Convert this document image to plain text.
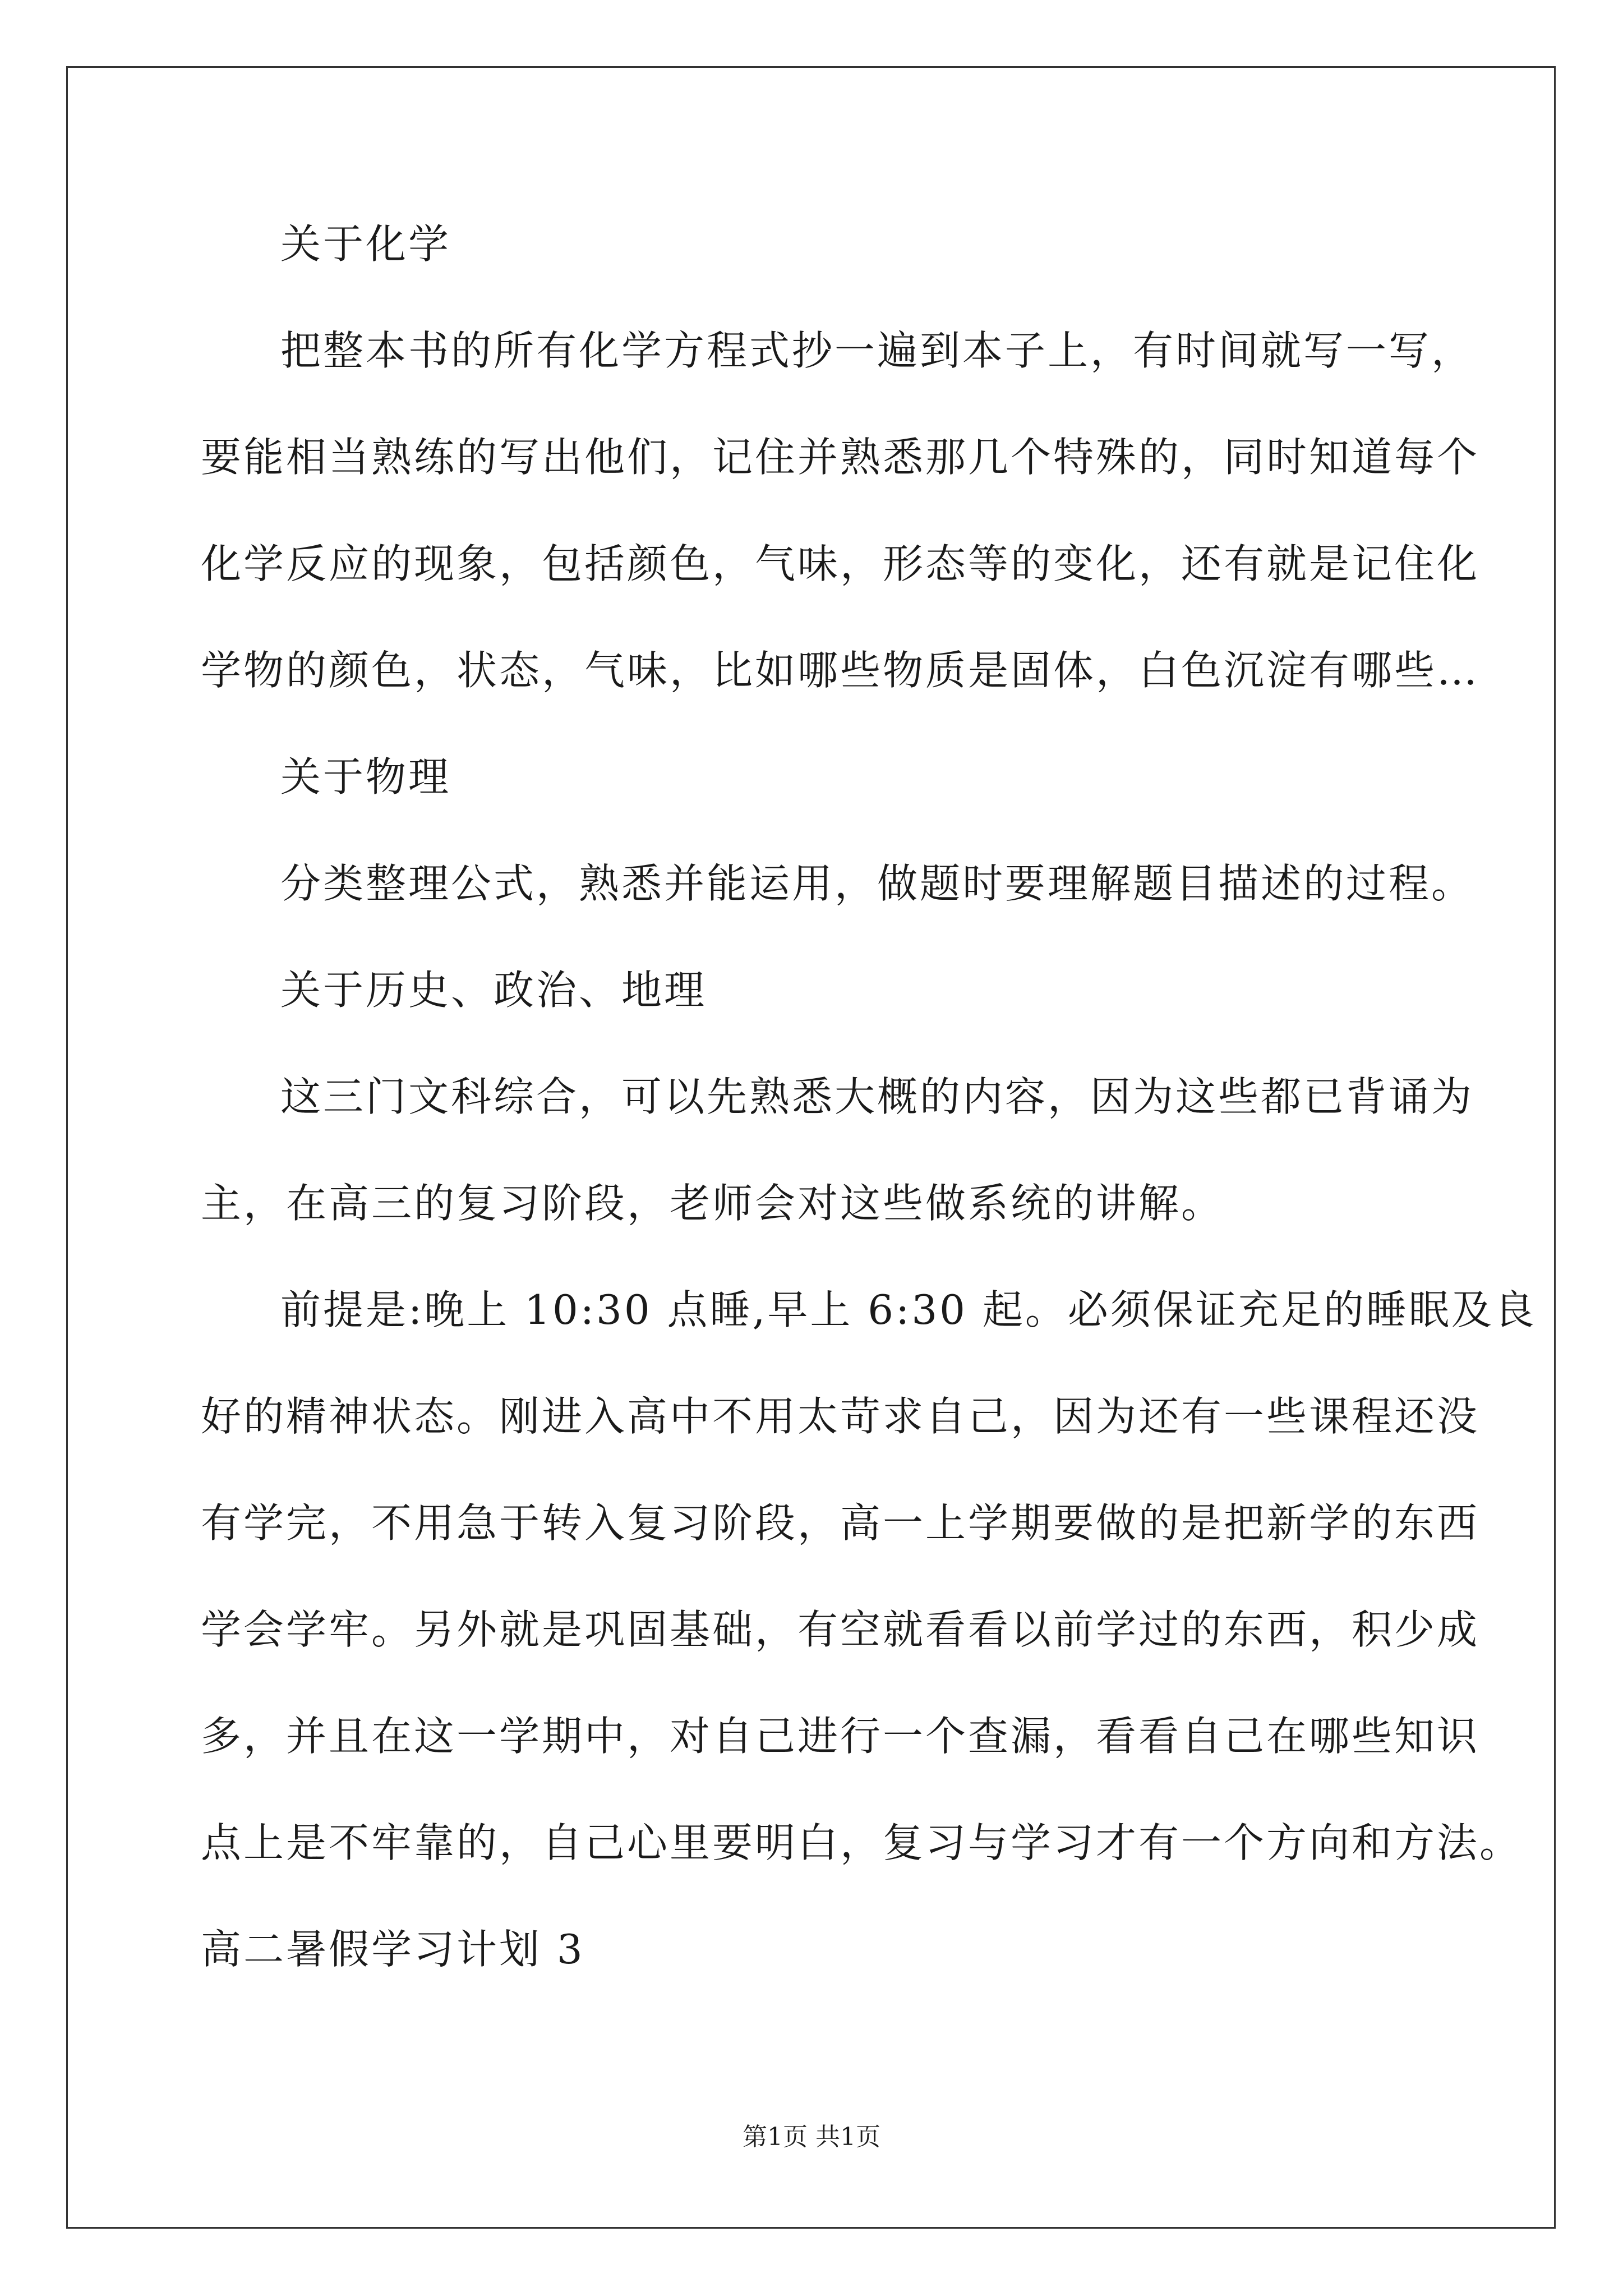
关于化学
把整本书的所有化学方程式抄一遍到本子上，有时间就写一写，
要能相当熟练的写出他们，记住并熟悉那几个特殊的，同时知道每个
化学反应的现象，包括颜色，气味，形态等的变化，还有就是记住化
学物的颜色，状态，气味，比如哪些物质是固体，白色沉淀有哪些…
关于物理
分类整理公式，熟悉并能运用，做题时要理解题目描述的过程。
关于历史、政治、地理
这三门文科综合，可以先熟悉大概的内容，因为这些都已背诵为
主，在高三的复习阶段，老师会对这些做系统的讲解。
前提是:晚上 10:30 点睡,早上 6:30 起。必须保证充足的睡眠及良
好的精神状态。刚进入高中不用太苛求自己，因为还有一些课程还没
有学完，不用急于转入复习阶段，高一上学期要做的是把新学的东西
学会学牢。另外就是巩固基础，有空就看看以前学过的东西，积少成
多，并且在这一学期中，对自己进行一个查漏，看看自己在哪些知识
点上是不牢靠的，自己心里要明白，复习与学习才有一个方向和方法。
高二暑假学习计划 3
第1页 共1页
